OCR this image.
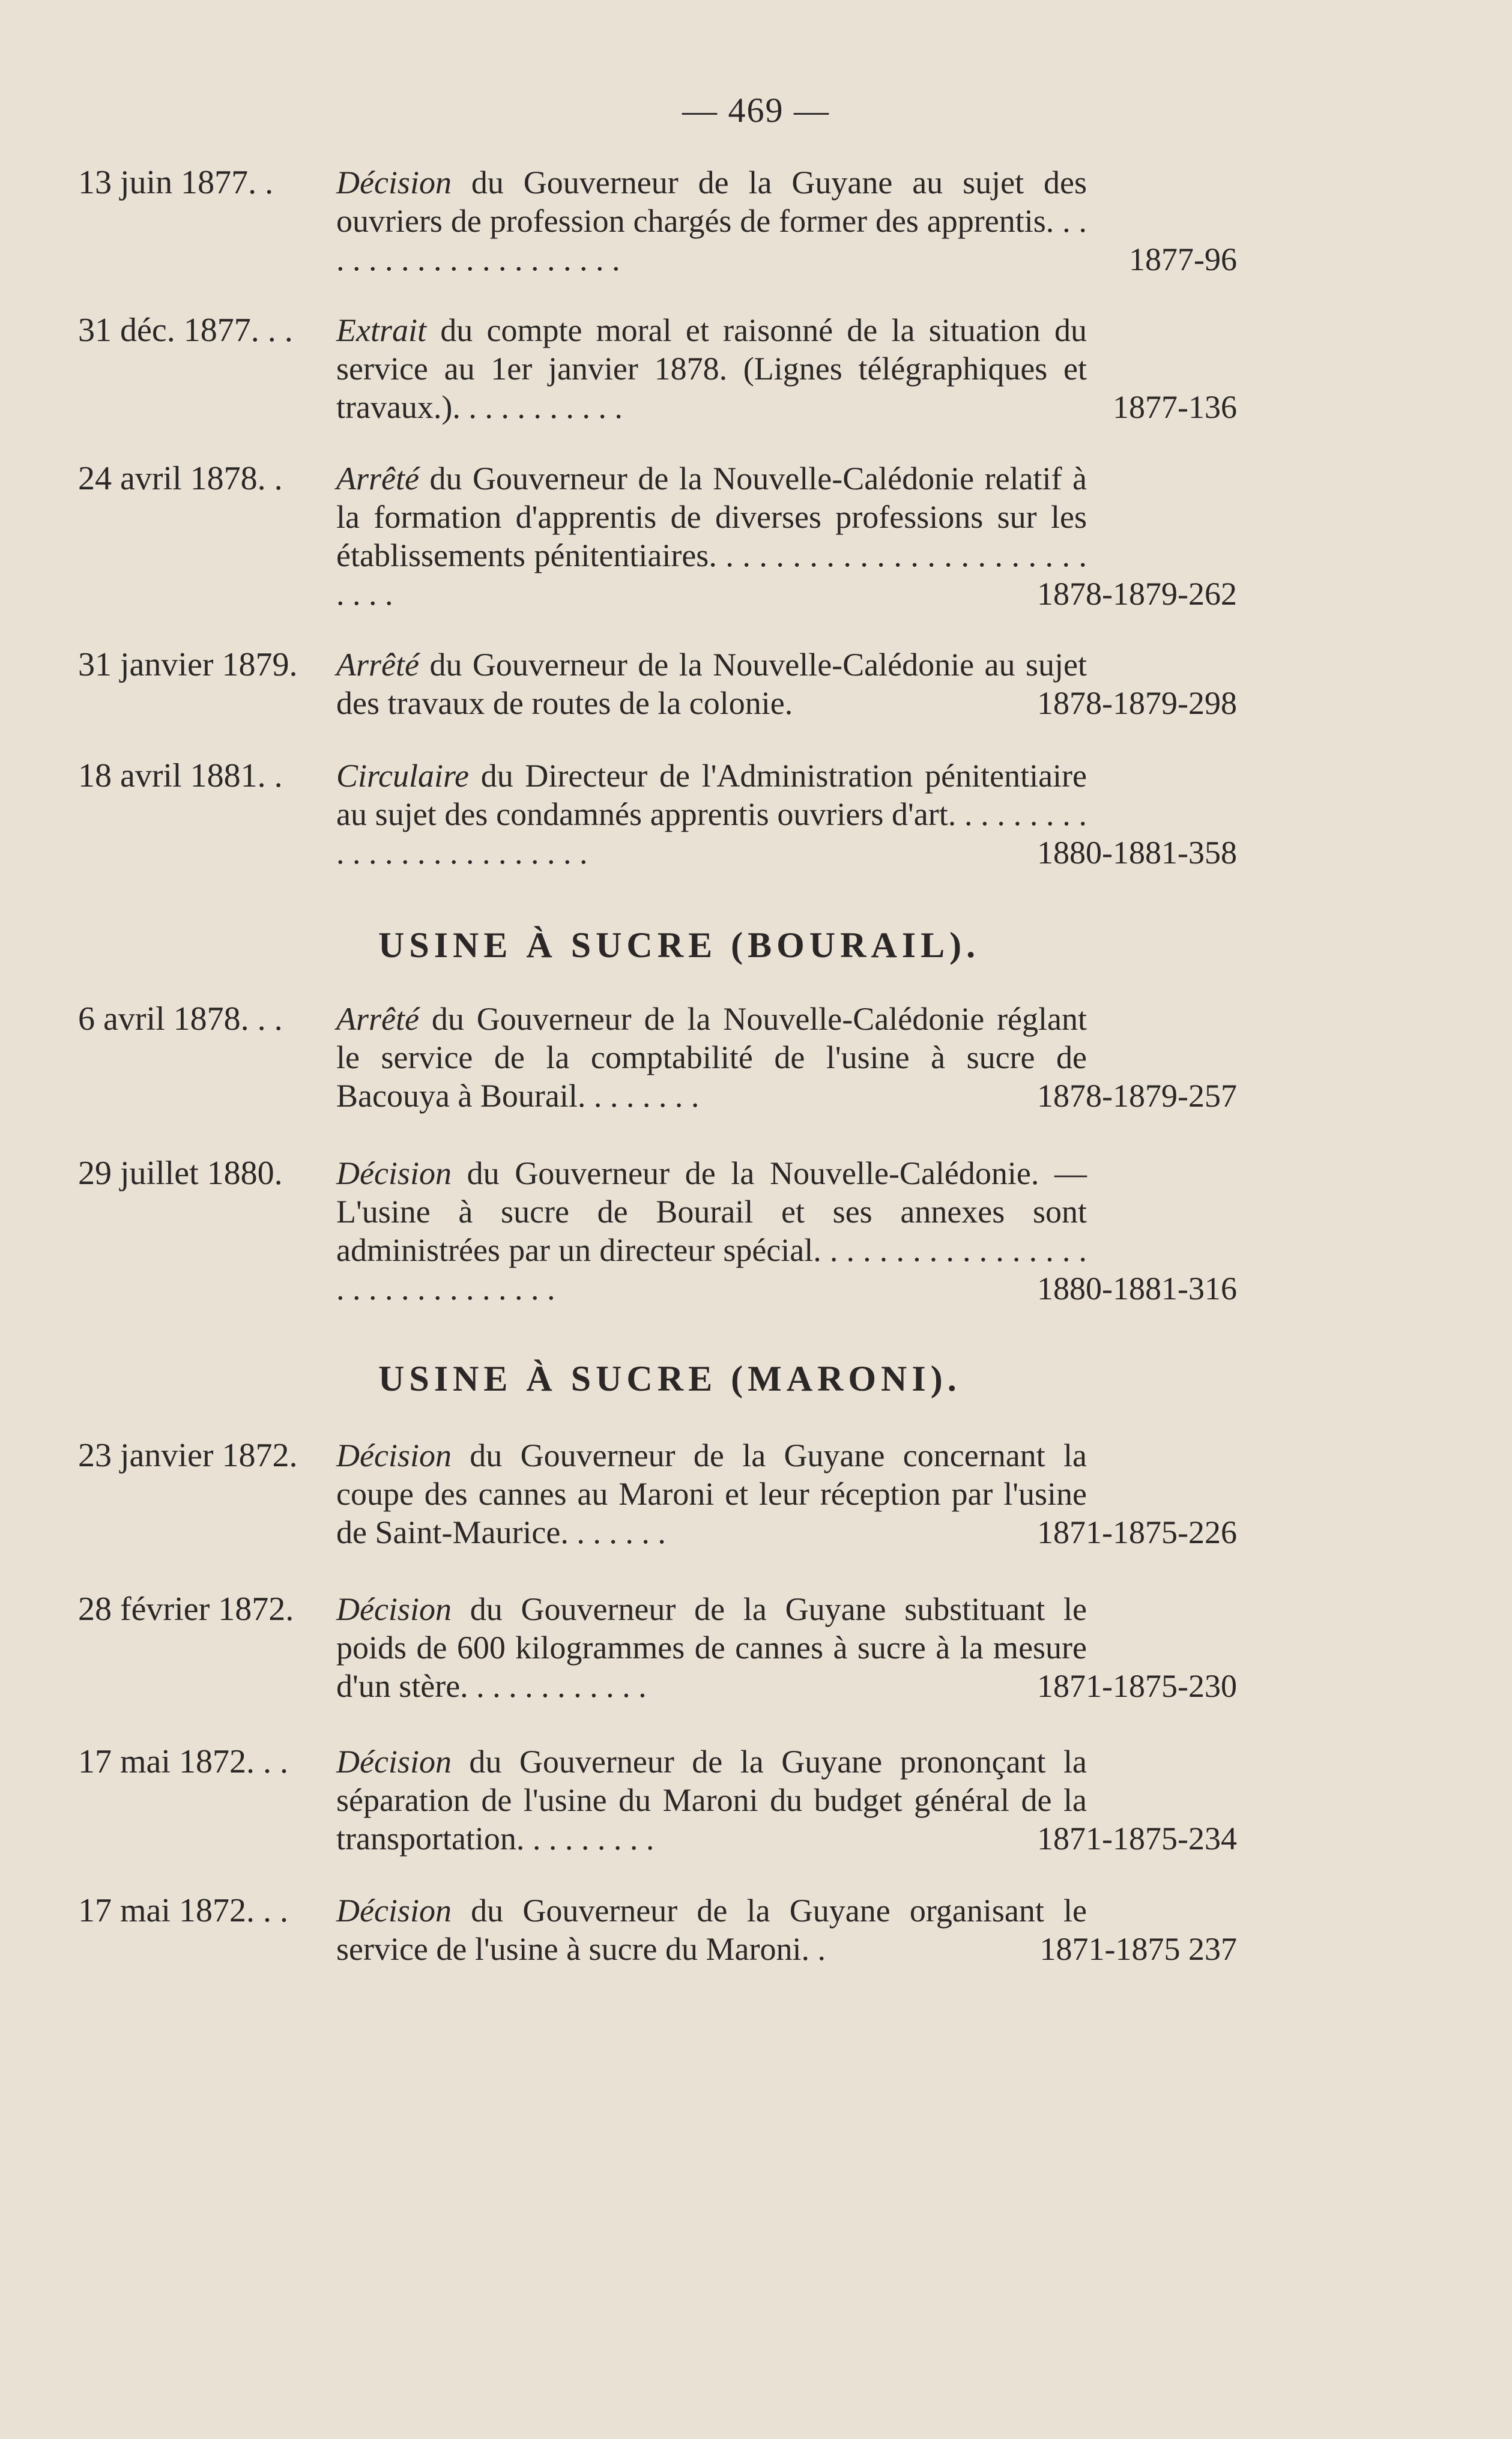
— 469 —
13 juin 1877. . Décision du Gouverneur de la Guyane au sujet des ouvriers de profession chargés de former des apprentis. . . . . . . . . . . . . . . . . . . . .	1877-96
31 déc. 1877. . . Extrait du compte moral et raisonné de la situation du service au 1er janvier 1878. (Lignes télégraphiques et travaux.). . . . . . . . . . .	1877-136
24 avril 1878. . Arrêté du Gouverneur de la Nouvelle-Calédonie relatif à la formation d'apprentis de diverses professions sur les établissements pénitentiaires. . . . . . . . . . . . . . . . . . . . . . . . . . .	1878-1879-262
31 janvier 1879. Arrêté du Gouverneur de la Nouvelle-Calédonie au sujet des travaux de routes de la colonie.	1878-1879-298
18 avril 1881. . Circulaire du Directeur de l'Administration pénitentiaire au sujet des condamnés apprentis ouvriers d'art. . . . . . . . . . . . . . . . . . . . . . . . .	1880-1881-358
USINE À SUCRE (BOURAIL).
6 avril 1878. . . Arrêté du Gouverneur de la Nouvelle-Calédonie réglant le service de la comptabilité de l'usine à sucre de Bacouya à Bourail. . . . . . . .	1878-1879-257
29 juillet 1880. Décision du Gouverneur de la Nouvelle-Calédonie. — L'usine à sucre de Bourail et ses annexes sont administrées par un directeur spécial. . . . . . . . . . . . . . . . . . . . . . . . . . . . . . .	1880-1881-316
USINE À SUCRE (MARONI).
23 janvier 1872. Décision du Gouverneur de la Guyane concernant la coupe des cannes au Maroni et leur réception par l'usine de Saint-Maurice. . . . . . .	1871-1875-226
28 février 1872. Décision du Gouverneur de la Guyane substituant le poids de 600 kilogrammes de cannes à sucre à la mesure d'un stère. . . . . . . . . . . .	1871-1875-230
17 mai 1872. . . Décision du Gouverneur de la Guyane prononçant la séparation de l'usine du Maroni du budget général de la transportation. . . . . . . . .	1871-1875-234
17 mai 1872. . . Décision du Gouverneur de la Guyane organisant le service de l'usine à sucre du Maroni. .	1871-1875 237
